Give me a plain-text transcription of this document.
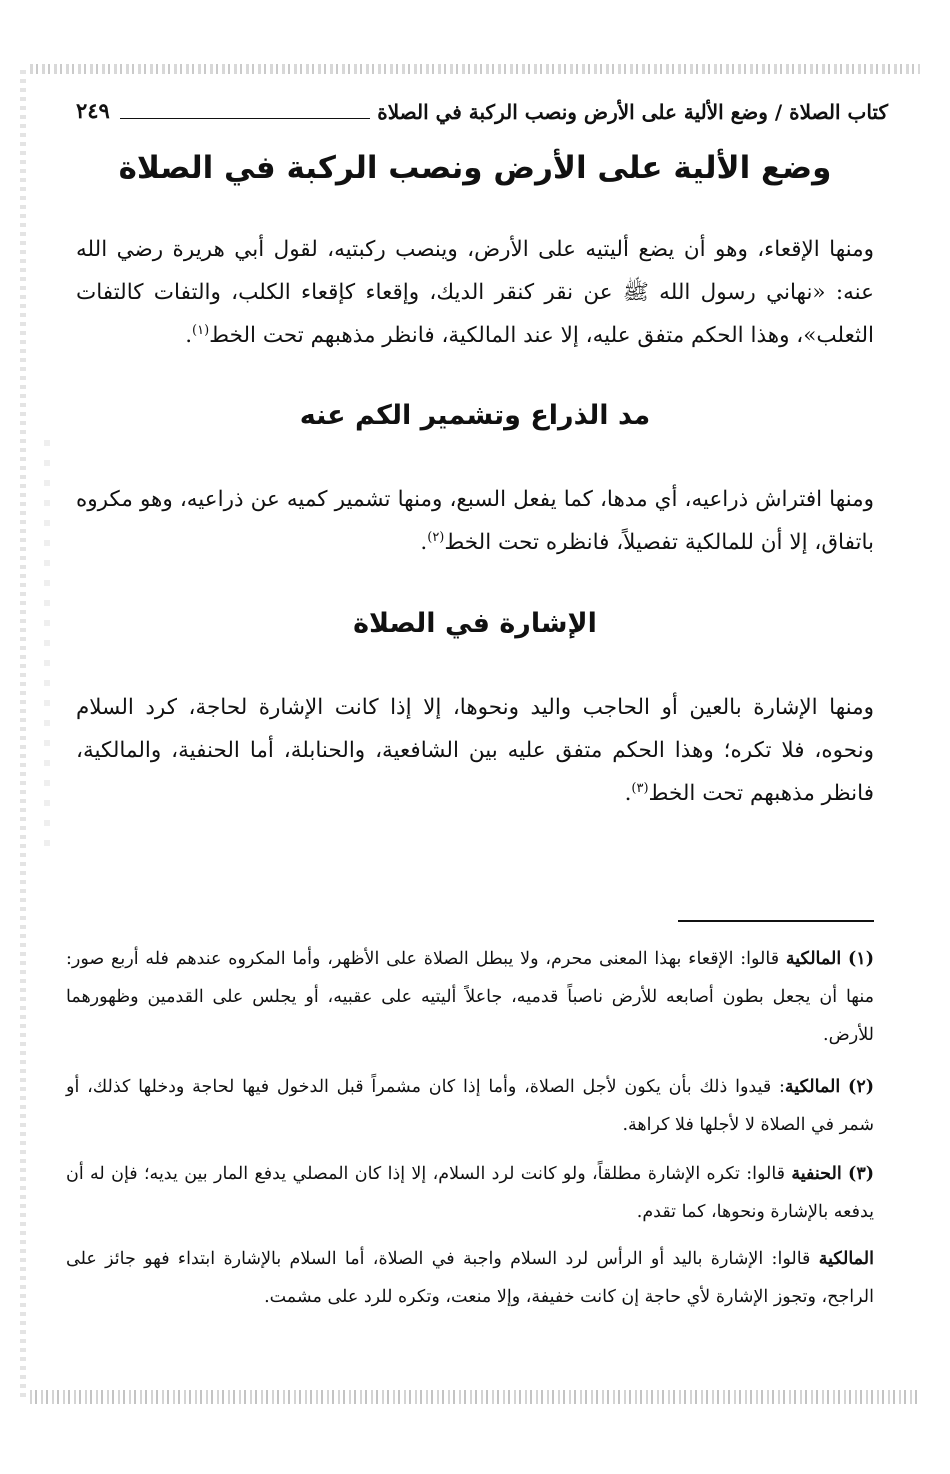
كتاب الصلاة / وضع الألية على الأرض ونصب الركبة في الصلاة
٢٤٩
وضع الألية على الأرض ونصب الركبة في الصلاة

ومنها الإقعاء، وهو أن يضع أليتيه على الأرض، وينصب ركبتيه، لقول أبي هريرة رضي الله عنه: «نهاني رسول الله ﷺ عن نقر كنقر الديك، وإقعاء كإقعاء الكلب، والتفات كالتفات الثعلب»، وهذا الحكم متفق عليه، إلا عند المالكية، فانظر مذهبهم تحت الخط$^{(١)}$.

مد الذراع وتشمير الكم عنه

ومنها افتراش ذراعيه، أي مدها، كما يفعل السبع، ومنها تشمير كميه عن ذراعيه، وهو مكروه باتفاق، إلا أن للمالكية تفصيلاً، فانظره تحت الخط$^{(٢)}$.

الإشارة في الصلاة

ومنها الإشارة بالعين أو الحاجب واليد ونحوها، إلا إذا كانت الإشارة لحاجة، كرد السلام ونحوه، فلا تكره؛ وهذا الحكم متفق عليه بين الشافعية، والحنابلة، أما الحنفية، والمالكية، فانظر مذهبهم تحت الخط$^{(٣)}$.

(١) المالكية قالوا: الإقعاء بهذا المعنى محرم، ولا يبطل الصلاة على الأظهر، وأما المكروه عندهم فله أربع صور: منها أن يجعل بطون أصابعه للأرض ناصباً قدميه، جاعلاً أليتيه على عقبيه، أو يجلس على القدمين وظهورهما للأرض.

(٢) المالكية: قيدوا ذلك بأن يكون لأجل الصلاة، وأما إذا كان مشمراً قبل الدخول فيها لحاجة ودخلها كذلك، أو شمر في الصلاة لا لأجلها فلا كراهة.

(٣) الحنفية قالوا: تكره الإشارة مطلقاً، ولو كانت لرد السلام، إلا إذا كان المصلي يدفع المار بين يديه؛ فإن له أن يدفعه بالإشارة ونحوها، كما تقدم.

المالكية قالوا: الإشارة باليد أو الرأس لرد السلام واجبة في الصلاة، أما السلام بالإشارة ابتداء فهو جائز على الراجح، وتجوز الإشارة لأي حاجة إن كانت خفيفة، وإلا منعت، وتكره للرد على مشمت.
